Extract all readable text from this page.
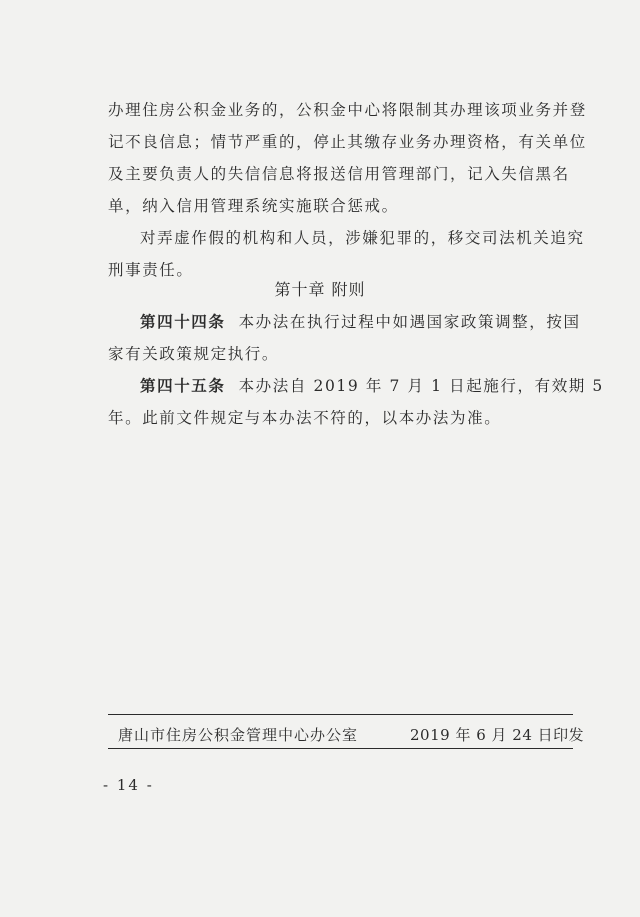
办理住房公积金业务的，公积金中心将限制其办理该项业务并登
记不良信息；情节严重的，停止其缴存业务办理资格，有关单位
及主要负责人的失信信息将报送信用管理部门，记入失信黑名
单，纳入信用管理系统实施联合惩戒。
对弄虚作假的机构和人员，涉嫌犯罪的，移交司法机关追究
刑事责任。
第十章 附则
第四十四条 本办法在执行过程中如遇国家政策调整，按国
家有关政策规定执行。
第四十五条 本办法自 2019 年 7 月 1 日起施行，有效期 5
年。此前文件规定与本办法不符的，以本办法为准。
唐山市住房公积金管理中心办公室	2019 年 6 月 24 日印发
- 14 -
